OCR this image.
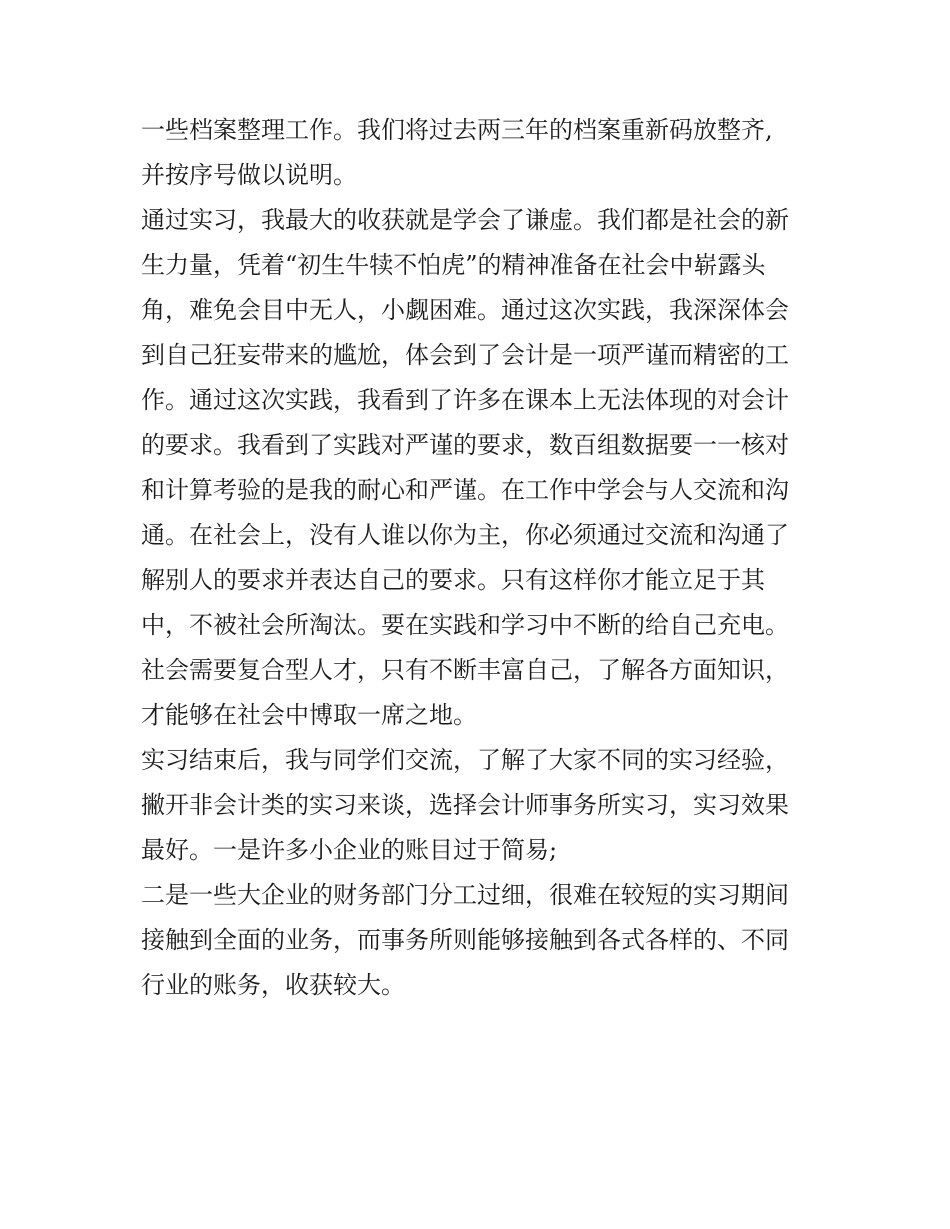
一些档案整理工作。我们将过去两三年的档案重新码放整齐,
并按序号做以说明。
通过实习，我最大的收获就是学会了谦虚。我们都是社会的新
生力量，凭着“初生牛犊不怕虎”的精神准备在社会中崭露头
角，难免会目中无人，小觑困难。通过这次实践，我深深体会
到自己狂妄带来的尴尬，体会到了会计是一项严谨而精密的工
作。通过这次实践，我看到了许多在课本上无法体现的对会计
的要求。我看到了实践对严谨的要求，数百组数据要一一核对
和计算考验的是我的耐心和严谨。在工作中学会与人交流和沟
通。在社会上，没有人谁以你为主，你必须通过交流和沟通了
解别人的要求并表达自己的要求。只有这样你才能立足于其
中，不被社会所淘汰。要在实践和学习中不断的给自己充电。
社会需要复合型人才，只有不断丰富自己，了解各方面知识，
才能够在社会中博取一席之地。
实习结束后，我与同学们交流，了解了大家不同的实习经验，
撇开非会计类的实习来谈，选择会计师事务所实习，实习效果
最好。一是许多小企业的账目过于简易;
二是一些大企业的财务部门分工过细，很难在较短的实习期间
接触到全面的业务，而事务所则能够接触到各式各样的、不同
行业的账务，收获较大。
